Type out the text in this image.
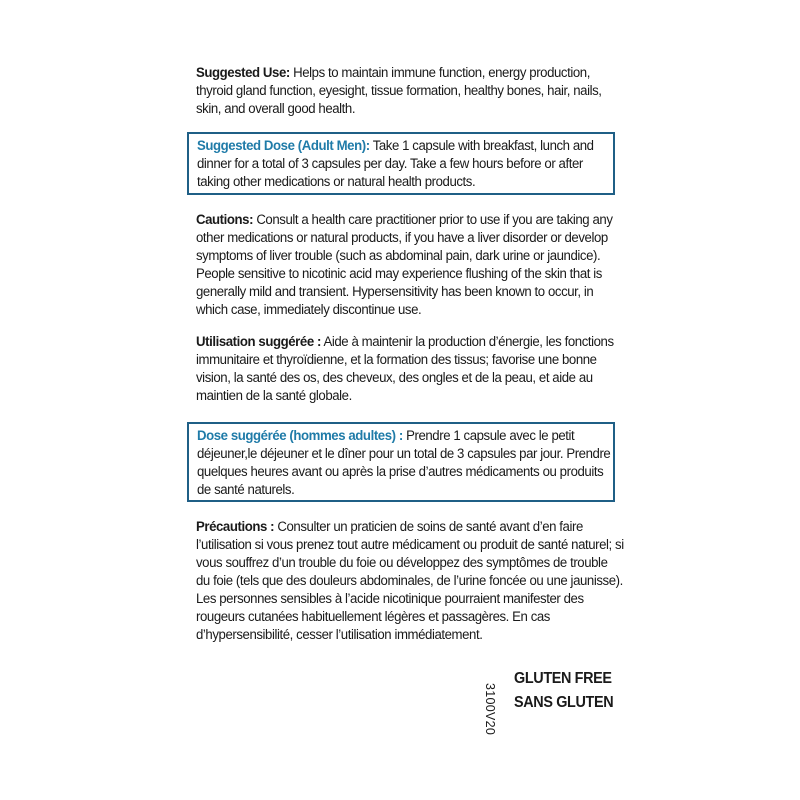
Suggested Use: Helps to maintain immune function, energy production, thyroid gland function, eyesight, tissue formation, healthy bones, hair, nails, skin, and overall good health.
Suggested Dose (Adult Men): Take 1 capsule with breakfast, lunch and dinner for a total of 3 capsules per day. Take a few hours before or after taking other medications or natural health products.
Cautions: Consult a health care practitioner prior to use if you are taking any other medications or natural products, if you have a liver disorder or develop symptoms of liver trouble (such as abdominal pain, dark urine or jaundice). People sensitive to nicotinic acid may experience flushing of the skin that is generally mild and transient. Hypersensitivity has been known to occur, in which case, immediately discontinue use.
Utilisation suggérée : Aide à maintenir la production d’énergie, les fonctions immunitaire et thyroïdienne, et la formation des tissus; favorise une bonne vision, la santé des os, des cheveux, des ongles et de la peau, et aide au maintien de la santé globale.
Dose suggérée (hommes adultes) : Prendre 1 capsule avec le petit déjeuner,le déjeuner et le dîner pour un total de 3 capsules par jour. Prendre quelques heures avant ou après la prise d’autres médicaments ou produits de santé naturels.
Précautions : Consulter un praticien de soins de santé avant d’en faire l’utilisation si vous prenez tout autre médicament ou produit de santé naturel; si vous souffrez d’un trouble du foie ou développez des symptômes de trouble du foie (tels que des douleurs abdominales, de l’urine foncée ou une jaunisse). Les personnes sensibles à l’acide nicotinique pourraient manifester des rougeurs cutanées habituellement légères et passagères. En cas d’hypersensibilité, cesser l’utilisation immédiatement.
3100V20
GLUTEN FREE
SANS GLUTEN
